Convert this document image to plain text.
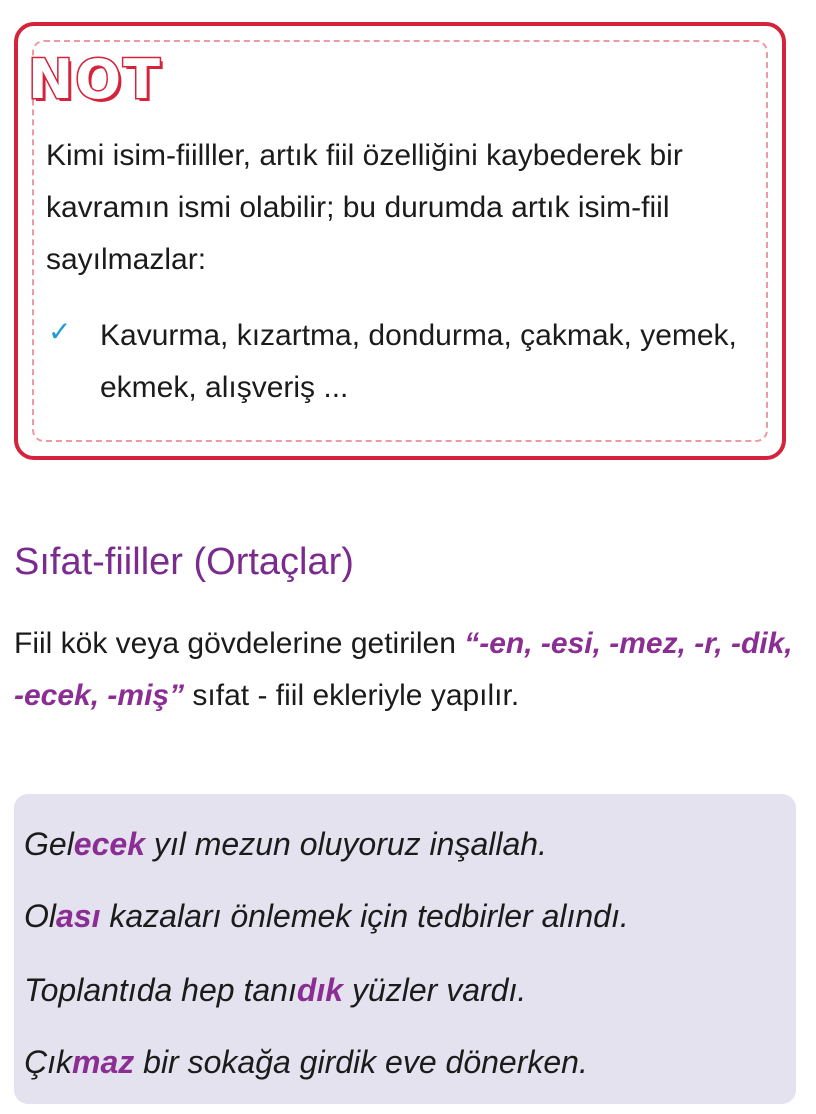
NOT

Kimi isim-fiilller, artık fiil özelliğini kaybederek bir kavramın ismi olabilir; bu durumda artık isim-fiil sayılmazlar:

✓ Kavurma, kızartma, dondurma, çakmak, yemek, ekmek, alışveriş ...

Sıfat-fiiller (Ortaçlar)

Fiil kök veya gövdelerine getirilen “-en, -esi, -mez, -r, -dik, -ecek, -miş” sıfat - fiil ekleriyle yapılır.

Gelecek yıl mezun oluyoruz inşallah.

Olası kazaları önlemek için tedbirler alındı.

Toplantıda hep tanıdık yüzler vardı.

Çıkmaz bir sokağa girdik eve dönerken.
